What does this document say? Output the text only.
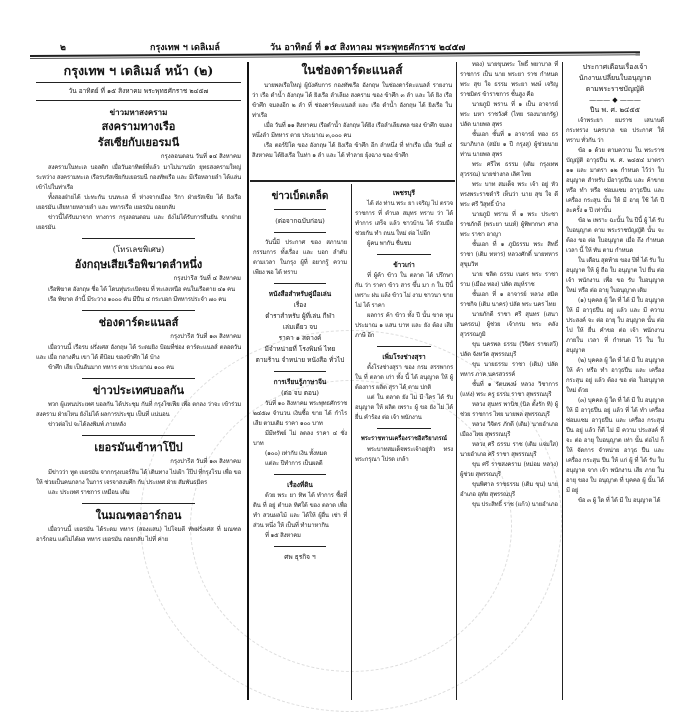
๒	กรุงเทพ ฯ เดลิเมล์	วัน อาทิตย์ ที่ ๑๕ สิงหาคม พระพุทธศักราช ๒๔๕๗
กรุงเทพ ฯ เดลิเมล์ หน้า (๒)
วัน อาทิตย์ ที่ ๑๕ สิงหาคม พระพุทธศักราช ๒๔๕๗
ข่าวมหาสงคราม
สงครามทางเรือ
รัสเซียกับเยอรมนี
กรุงลอนดอน วันที่ ๑๔ สิงหาคม

สงครามในทะเล บอลติก เมื่อวันอาทิตย์ที่แล้ว มาไม่นานนัก ยุทธสงครามใหญ่ ระหว่าง สงครามทะเล เรือรบรัสเซียกับเยอรมนี กองทัพเรือ และ มีเรือหลายลำ ได้แล่นเข้าไปในท่าเรือ

ทั้งสองฝ่ายได้ ปะทะกัน บนทะเล ที่ ห่างจากเมือง ริกา ฝ่ายรัสเซีย ได้ ยิงเรือเยอรมัน เสียหายหลายลำ และ ทหารเรือ เยอรมัน ถอยกลับ

ข่าวนี้ได้รับมาจาก ทางการ กรุงลอนดอน และ ยังไม่ได้รับการยืนยัน จากฝ่าย เยอรมัน

(โทรเลขพิเศษ)
อังกฤษเสียเรือพิฆาตลำหนึ่ง
กรุงปารีส วันที่ ๔ สิงหาคม

เรือพิฆาต อังกฤษ ชื่อ ได้ โดนทุ่นระเบิดจม ที่ ทะเลเหนือ คนในเรือตาย ๔๑ คน

เรือ พิฆาต ลำนี้ มีระวาง ๑๐๐๐ ตัน มีปืน ๔ กระบอก มีทหารประจำ ๗๐ คน

ช่องดาร์ดะแนลส์
กรุงปารีส วันที่ ๑๓ สิงหาคม

เมื่อวานนี้ เรือรบ ฝรั่งเศส อังกฤษ ได้ ระดมยิง ป้อมที่ช่อง ดาร์ดะแนลส์ ตลอดวัน และ เมื่อ กลางคืน เขา ได้ ตีป้อม ของข้าศึก ได้ บ้าง

ข้าศึก เสีย เป็นอันมาก ทหาร ตาย ประมาณ ๑๐๐ คน

ข่าวประเทศบอลกัน

พวก ผู้แทนประเทศ บอลกัน ได้ประชุม กันที่ กรุงโซเฟีย เพื่อ ตกลง ว่าจะ เข้าร่วม สงคราม ฝ่ายไหน ยังไม่ได้ ผลการประชุม เป็นที่ แน่นอน

ข่าวต่อไป จะได้ลงพิมพ์ ภายหลัง

เยอรมันเข้าหาโป๊ป
กรุงปารีส วันที่ ๑๓ สิงหาคม

มีข่าวว่า ทูต เยอรมัน จากกรุงเบอร์ลิน ได้ เดินทาง ไปเฝ้า โป๊ป ที่กรุงโรม เพื่อ ขอให้ ช่วยเป็นคนกลาง ในการ เจรจาสงบศึก กับ ประเทศ ฝ่าย สัมพันธมิตร

และ ประเทศ ราชการ เหมือน เดิม

ในมณฑลอาร์กอน

เมื่อวานนี้ เยอรมัน ได้ระดม ทหาร (สองแสน) ไปโจมตี ทัพฝรั่งเศส ที่ มณฑล อาร์กอน แต่ไม่ได้ผล ทหาร เยอรมัน ถอยกลับ ไปที่ ค่าย

ในช่องดาร์ดะแนลส์

นายพลเรือใหญ่ ผู้บังคับการ กองทัพเรือ อังกฤษ ในช่องดาร์ดะแนลส์ รายงาน ว่า เรือ ดำน้ำ อังกฤษ ได้ ยิงเรือ ลำเลียง สงคราม ของ ข้าศึก ๓ ลำ และ ได้ ยิง เรือ ข้าศึก จมลงอีก ๒ ลำ ที่ ช่องดาร์ดะแนลส์ และ เรือ ดำน้ำ อังกฤษ ได้ ยิงเรือ ในท่าเรือ

เมื่อ วันที่ ๑๑ สิงหาคม เรือดำน้ำ อังกฤษ ได้ยิง เรือลำเลียงพล ของ ข้าศึก จมลง หนึ่งลำ มีทหาร ตาย ประมาณ ๓,๐๐๐ คน

เรือ ตอร์ปิโด ของ อังกฤษ ได้ ยิงเรือ ข้าศึก อีก ลำหนึ่ง ที่ ท่าเรือ เมื่อ วันที่ ๔ สิงหาคม ได้ยิงเรือ ในท่า ๑ ลำ และ ได้ ทำลาย ยุ้งฉาง ของ ข้าศึก

ข่าวเบ็ดเตล็ด
(ต่อจากฉบับก่อน)

วันนี้มี ประกาศ ของ สภานายกรรมการ ทั้งเรื่อง และ บอก ลำดับ ตามเวลา ในกรุง ผู้ที่ อยากรู้ ความ เพียง พอ ได้ ทราบ

หนังสือสำหรับคู่มือเล่น
เรื่อง
ตำราสำหรับ ผู้ที่เล่น กีฬา
เล่มเดียว จบ
ราคา ๑ สตางค์
มีจำหน่ายที่ โรงพิมพ์ ไทย
ตามร้าน จำหน่าย หนังสือ ทั่วไป
การเรียนรู้ภาษาจีน
(ต่อ จบ ตอน)

วันที่ ๑๐ สิงหาคม พระพุทธศักราช ๒๔๕๗ จำนวน เงินซื้อ ขาย ได้ กำไร เสีย ตามเดิม ราคา ๑๐๐ บาท

มีมีทรัพย์ ไม่ ลดลง ราคา ๔ ชั่ง บาท

(๑๐๐) เท่ากับ เงิน ทั้งหมด

แต่ละ ปีทำการ เป็นผลดี

เรื่องที่ดิน

ด้วย พระ ยา ทิพ ได้ ทำการ ซื้อที่ ดิน ที่ อยู่ ตำบล ทิศใต้ ของ ตลาด เพื่อ ทำ สวนผลไม้ และ ได้ให้ ผู้อื่น เช่า ที่ ส่วน หนึ่ง ให้ เป็นที่ ทำมาหากิน

ที่ ๑๕ สิงหาคม

ศพ ธุรกิจ ฯ
เพชรบุรี

ได้ ส่ง ท่าน พระ ยา เจริญ ไป ตรวจ ราชการ ที่ ตำบล สมุทร ทราบ ว่า ได้ ทำการ เสร็จ แล้ว ชาวบ้าน ได้ ร่วมมือ ช่วยกัน ทำ ถนน ใหม่ ต่อ ไปอีก

ผู้คน พากัน ชื่นชม

ข้าวเก่า

ที่ ผู้ค้า ข้าว ใน ตลาด ได้ ปรึกษา กัน ว่า ราคา ข้าว สาร ขึ้น มา ก ใน ปีนี้ เพราะ ฝน แล้ง ข้าว ไม่ งาม ชาวนา ขาย ไม่ ได้ ราคา

ผลการ ค้า ข้าว ทั้ง ปี นั้น ขาด ทุน ประมาณ ๑ แสน บาท และ ยัง ต้อง เสีย ภาษี อีก

เพิ่มโรงช่างสุรา

ตั้งโรงช่างสุรา ของ กรม สรรพากร ใน ที่ ตลาด เก่า ทั้ง นี้ ได้ อนุญาต ให้ ผู้ ต้องการ ผลิต สุรา ได้ ตาม ปกติ

แต่ ใน ตลาด ยัง ไม่ มี ใคร ได้ รับ อนุญาต ให้ ผลิต เพราะ ผู้ ขอ ยัง ไม่ ได้ ยื่น คำร้อง ต่อ เจ้า พนักงาน

พระราชทานเครื่องราชอิสริยาภรณ์

พระบาทสมเด็จพระเจ้าอยู่หัว ทรง พระกรุณา โปรด เกล้า

ทอง) นายขุนพระ โพธิ์ พยาบาล ที่ ราชการ เป็น นาย พระยา ราช กำหนด พระ สุข ใจ ธรรม พระยา พงษ์ เจริญ ราชมิตร ข้าราชการ ชั้นสูง คือ

นายภูมิ พราน ที่ ๑ เป็น อาจารย์ พระ มหา ราชวังศ์ (ไทย รองนายกรัฐ) ปลัด นายพล สุพร

ชั้นเอก ชั้นที่ ๑ อาจารย์ ทอง ธรรมาภิบาล (สมัย ๑ ปี กรุงสุ) ผู้ช่วยนายท่าน นายพล สุพร

พระ ศรีไพ ธรรม (เดิม กรุงเทพ สุวรรณ) นายช่างกล เลิศ ไทย

พระ บาท สมเด็จ พระ เจ้า อยู่ หัว ทรงพระราชดำริ เห็นว่า นาย สุข ใจ ดี พระ ศรี วิสุทธิ์ บ้าง

นายภูมิ พราน ที่ ๑ พระ ประชา ราชภักดี (พระยา นนท์) ผู้พิพากษา ศาล พระ ราชา อาญา

ชั้นเอก ที่ ๑ ภูมิธรรม พระ สิทธิ์ ราชา (เดิม ทหาร) หลวงศักดิ์ นายทหาร สุขุมวิท

นาย ชลิต ธรรม เนตร พระ ราชา ราม (เมือง ทอง) ปลัด สมุห์ราช

ชั้นเอก ที่ ๑ อาจารย์ หลวง สมิต ราชกิจ (เดิม นาคร) ปลัด พระ นคร ไทย

นายภักดี ราชา ศรี สุนทร (เสนา นครธน) ผู้ช่วย เจ้ากรม พระ คลัง สุวรรณภูมิ

ขุน นครพล ธรรม (วิจิตร ราชเสวี) ปลัด จังหวัด สุพรรณบุรี

ขุน นายธรรม ราชา (เดิม) ปลัด ทหาร ภาค นครสวรรค์

ชั้นที่ ๑ รัตนพงษ์ หลวง วิชาการ (แห่ง) พระ ครู ธรรม ราชา สุพรรณบุรี

หลวง สุนทร พานิช (นิล ตั้งรัก ทิ) ผู้ช่วย ราชการ ไทย นายพล สุพรรณบุรี

หลวง วิจิตร ภักดี (เดิม) นายอำเภอ เมือง ไทย สุพรรณบุรี

หลวง ศรี ธรรม ราช (เดิม แจ่มใส) นายอำเภอ ศรี ราชา สุพรรณบุรี

ขุน ศรี ราชสงคราม (หม่อม หลวง) ผู้ช่วย สุพรรณบุรี

ขุนพิศาล ราชธรรม (เดิม ขุน) นายอำเภอ อุทัย สุพรรณบุรี

ขุน ประสิทธิ์ ราช (แก้ว) นายอำเภอ

ประกาศเตือนเรื่องเจ้า
นักงานเปลี่ยนใบอนุญาต
ตามพระราชบัญญัติ
——— ◆ ———
ปีน พ. ศ. ๒๔๕๕

เจ้าพระยา ยมราช เสนาบดี กระทรวง นครบาล ขอ ประกาศ ให้ ทราบ ทั่วกัน ว่า

ข้อ ๑ ด้วย ตามความ ใน พระราช บัญญัติ อาวุธปืน พ. ศ. ๒๔๕๔ มาตรา ๑๑ และ มาตรา ๑๒ กำหนด ไว้ว่า ใบอนุญาต สำหรับ มีอาวุธปืน และ ค้าขาย หรือ ทำ หรือ ซ่อมแซม อาวุธปืน และ เครื่อง กระสุน นั้น ให้ มี อายุ ใช้ ได้ ปี ละครั้ง ๑ ปี เท่านั้น

ข้อ ๒ เพราะ ฉะนั้น ใน ปีนี้ ผู้ ได้ รับ ใบอนุญาต ตาม พระราชบัญญัติ นั้น จะ ต้อง ขอ ต่อ ใบอนุญาต เมื่อ ถึง กำหนด เวลา นี้ ให้ ทัน ตาม กำหนด

ใน เดือน สุดท้าย ของ ปีที่ ได้ รับ ใบอนุญาต ให้ ผู้ ถือ ใบ อนุญาต ไป ยื่น ต่อ เจ้า พนักงาน เพื่อ ขอ รับ ใบอนุญาต ใหม่ หรือ ต่อ อายุ ใบอนุญาต เดิม

(๑) บุคคล ผู้ ใด ที่ ได้ มี ใบ อนุญาต ให้ มี อาวุธปืน อยู่ แล้ว และ มี ความ ประสงค์ จะ ต่อ อายุ ใบ อนุญาต นั้น ต่อไป ให้ ยื่น คำขอ ต่อ เจ้า พนักงาน ภายใน เวลา ที่ กำหนด ไว้ ใน ใบ อนุญาต

(๒) บุคคล ผู้ ใด ที่ ได้ มี ใบ อนุญาต ให้ ค้า หรือ ทำ อาวุธปืน และ เครื่อง กระสุน อยู่ แล้ว ต้อง ขอ ต่อ ใบอนุญาต ใหม่ ด้วย

(๓) บุคคล ผู้ ใด ที่ ได้ มี ใบ อนุญาต ให้ มี อาวุธปืน อยู่ แล้ว ที่ ได้ ทำ เครื่อง ซ่อมแซม อาวุธปืน และ เครื่อง กระสุน ปืน อยู่ แล้ว ก็ดี ไม่ มี ความ ประสงค์ ที่ จะ ต่อ อายุ ใบอนุญาต เท่า นั้น ต่อไป ก็ ให้ จัดการ จำหน่าย อาวุธ ปืน และ เครื่อง กระสุน ปืน ให้ แก่ ผู้ ที่ ได้ รับ ใบ อนุญาต จาก เจ้า พนักงาน เสีย ภาย ใน อายุ ของ ใบ อนุญาต ที่ บุคคล ผู้ นั้น ได้ มี อยู่

ข้อ ๓ ผู้ ใด ที่ ได้ มี ใบ อนุญาต ได้
